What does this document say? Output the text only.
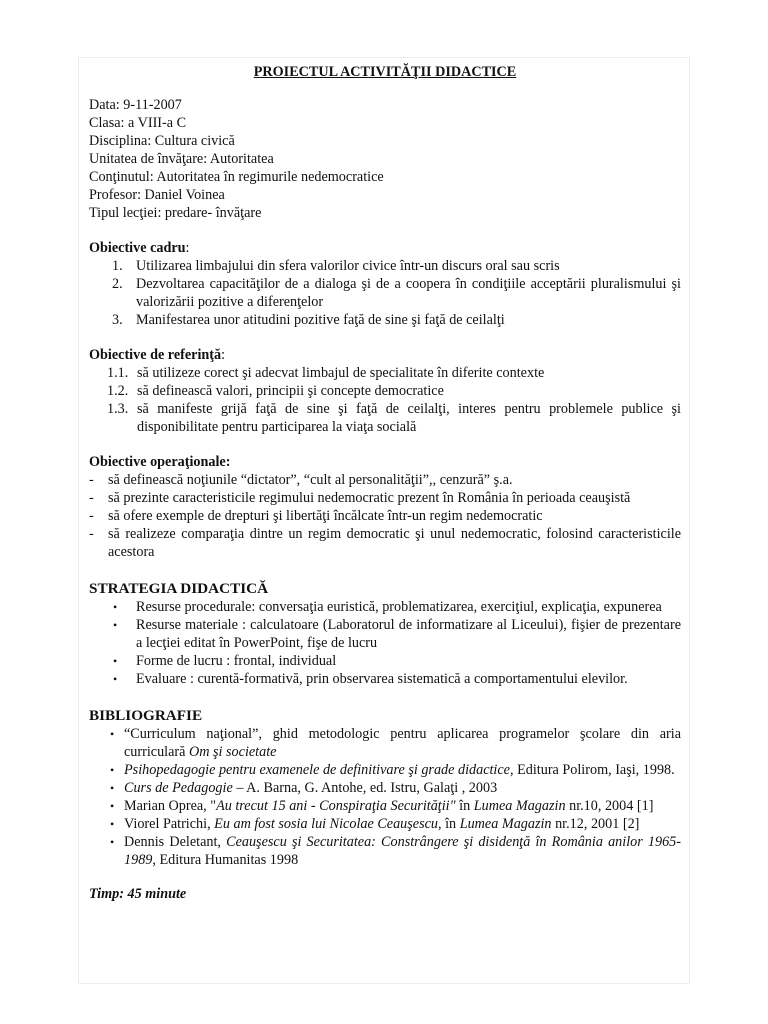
PROIECTUL ACTIVITĂŢII DIDACTICE

Data: 9-11-2007

Clasa: a VIII-a C

Disciplina: Cultura civică

Unitatea de învăţare: Autoritatea

Conţinutul: Autoritatea în regimurile nedemocratice

Profesor: Daniel Voinea

Tipul lecţiei: predare- învăţare

Obiective cadru:

1. Utilizarea limbajului din sfera valorilor civice într-un discurs oral sau scris
2. Dezvoltarea capacităţilor de a dialoga şi de a coopera în condiţiile acceptării pluralismului şi valorizării pozitive a diferenţelor
3. Manifestarea unor atitudini pozitive faţă de sine şi faţă de ceilalţi

Obiective de referinţă:

1.1. să utilizeze corect şi adecvat limbajul de specialitate în diferite contexte
1.2. să definească valori, principii şi concepte democratice
1.3. să manifeste grijă faţă de sine şi faţă de ceilalţi, interes pentru problemele publice şi disponibilitate pentru participarea la viaţa socială

Obiective operaţionale:

- să definească noţiunile “dictator”, “cult al personalităţii”,, cenzură” ş.a.
- să prezinte caracteristicile regimului nedemocratic prezent în România în perioada ceauşistă
- să ofere exemple de drepturi şi libertăţi încălcate într-un regim nedemocratic
- să realizeze comparaţia dintre un regim democratic şi unul nedemocratic, folosind caracteristicile acestora

STRATEGIA DIDACTICĂ

• Resurse procedurale: conversaţia euristică, problematizarea, exerciţiul, explicaţia, expunerea
• Resurse materiale : calculatoare (Laboratorul de informatizare al Liceului), fişier de prezentare a lecţiei editat în PowerPoint, fişe de lucru
• Forme de lucru : frontal, individual
• Evaluare : curentă-formativă, prin observarea sistematică a comportamentului elevilor.

BIBLIOGRAFIE

• “Curriculum naţional”, ghid metodologic pentru aplicarea programelor şcolare din aria curriculară Om şi societate
• Psihopedagogie pentru examenele de definitivare şi grade didactice, Editura Polirom, Iaşi, 1998.
• Curs de Pedagogie – A. Barna, G. Antohe, ed. Istru, Galaţi , 2003
• Marian Oprea, "Au trecut 15 ani - Conspiraţia Securităţii" în Lumea Magazin nr.10, 2004 [1]
• Viorel Patrichi, Eu am fost sosia lui Nicolae Ceauşescu, în Lumea Magazin nr.12, 2001 [2]
• Dennis Deletant, Ceauşescu şi Securitatea: Constrângere şi disidenţă în România anilor 1965-1989, Editura Humanitas 1998

Timp: 45 minute
